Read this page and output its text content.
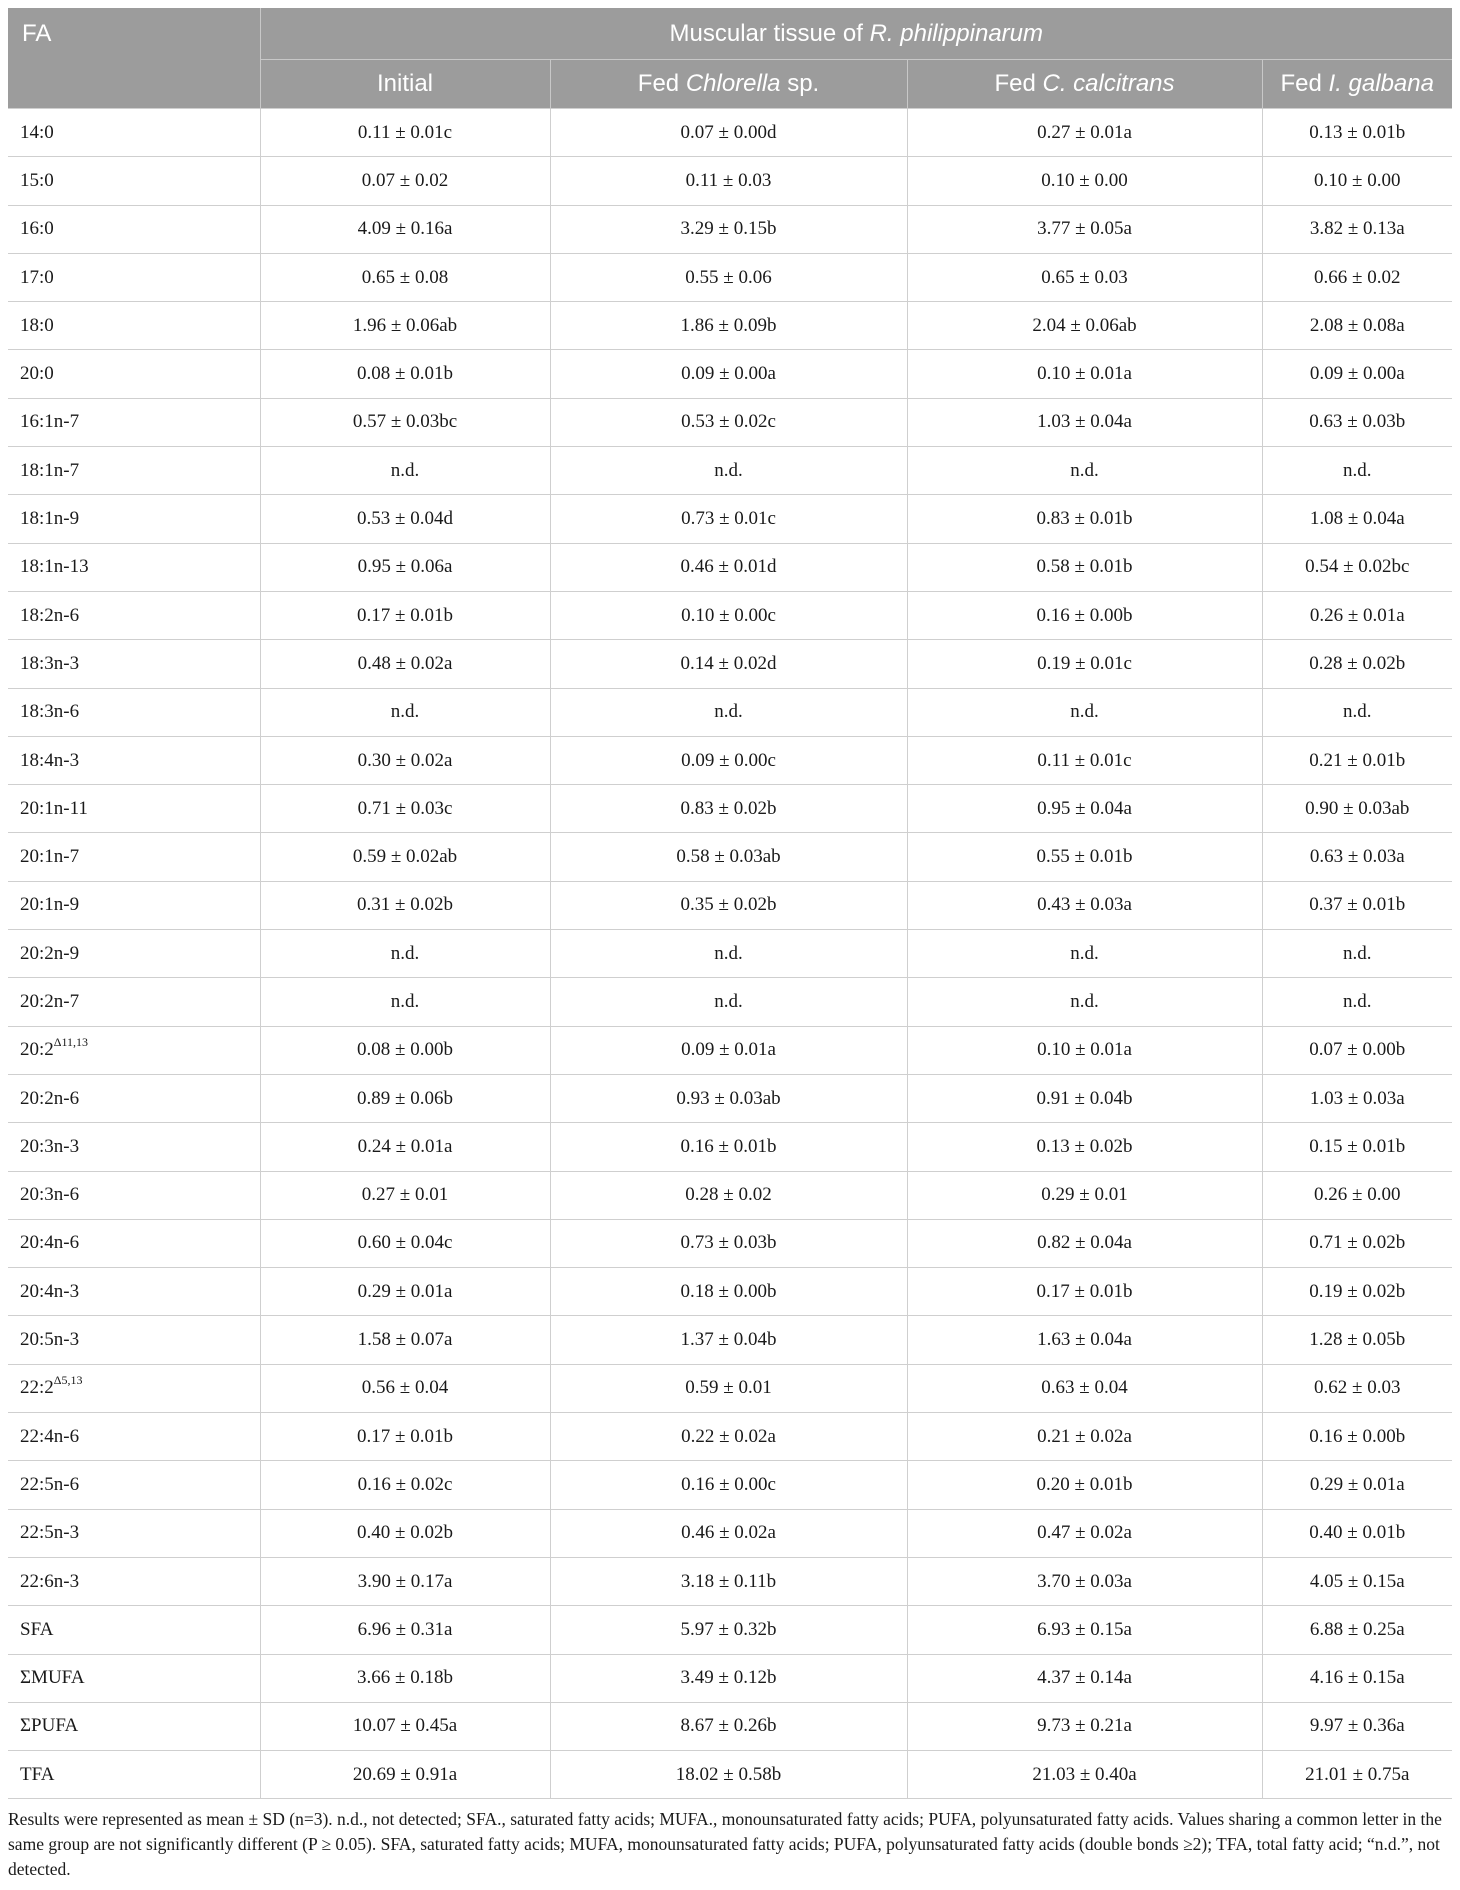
FA	Muscular tissue of R. philippinarum			
	Initial	Fed Chlorella sp.	Fed C. calcitrans	Fed I. galbana
14:0	0.11 ± 0.01c	0.07 ± 0.00d	0.27 ± 0.01a	0.13 ± 0.01b
15:0	0.07 ± 0.02	0.11 ± 0.03	0.10 ± 0.00	0.10 ± 0.00
16:0	4.09 ± 0.16a	3.29 ± 0.15b	3.77 ± 0.05a	3.82 ± 0.13a
17:0	0.65 ± 0.08	0.55 ± 0.06	0.65 ± 0.03	0.66 ± 0.02
18:0	1.96 ± 0.06ab	1.86 ± 0.09b	2.04 ± 0.06ab	2.08 ± 0.08a
20:0	0.08 ± 0.01b	0.09 ± 0.00a	0.10 ± 0.01a	0.09 ± 0.00a
16:1n-7	0.57 ± 0.03bc	0.53 ± 0.02c	1.03 ± 0.04a	0.63 ± 0.03b
18:1n-7	n.d.	n.d.	n.d.	n.d.
18:1n-9	0.53 ± 0.04d	0.73 ± 0.01c	0.83 ± 0.01b	1.08 ± 0.04a
18:1n-13	0.95 ± 0.06a	0.46 ± 0.01d	0.58 ± 0.01b	0.54 ± 0.02bc
18:2n-6	0.17 ± 0.01b	0.10 ± 0.00c	0.16 ± 0.00b	0.26 ± 0.01a
18:3n-3	0.48 ± 0.02a	0.14 ± 0.02d	0.19 ± 0.01c	0.28 ± 0.02b
18:3n-6	n.d.	n.d.	n.d.	n.d.
18:4n-3	0.30 ± 0.02a	0.09 ± 0.00c	0.11 ± 0.01c	0.21 ± 0.01b
20:1n-11	0.71 ± 0.03c	0.83 ± 0.02b	0.95 ± 0.04a	0.90 ± 0.03ab
20:1n-7	0.59 ± 0.02ab	0.58 ± 0.03ab	0.55 ± 0.01b	0.63 ± 0.03a
20:1n-9	0.31 ± 0.02b	0.35 ± 0.02b	0.43 ± 0.03a	0.37 ± 0.01b
20:2n-9	n.d.	n.d.	n.d.	n.d.
20:2n-7	n.d.	n.d.	n.d.	n.d.
$20:2^{\Delta 11,13}$	0.08 ± 0.00b	0.09 ± 0.01a	0.10 ± 0.01a	0.07 ± 0.00b
20:2n-6	0.89 ± 0.06b	0.93 ± 0.03ab	0.91 ± 0.04b	1.03 ± 0.03a
20:3n-3	0.24 ± 0.01a	0.16 ± 0.01b	0.13 ± 0.02b	0.15 ± 0.01b
20:3n-6	0.27 ± 0.01	0.28 ± 0.02	0.29 ± 0.01	0.26 ± 0.00
20:4n-6	0.60 ± 0.04c	0.73 ± 0.03b	0.82 ± 0.04a	0.71 ± 0.02b
20:4n-3	0.29 ± 0.01a	0.18 ± 0.00b	0.17 ± 0.01b	0.19 ± 0.02b
20:5n-3	1.58 ± 0.07a	1.37 ± 0.04b	1.63 ± 0.04a	1.28 ± 0.05b
$22:2^{\Delta 5,13}$	0.56 ± 0.04	0.59 ± 0.01	0.63 ± 0.04	0.62 ± 0.03
22:4n-6	0.17 ± 0.01b	0.22 ± 0.02a	0.21 ± 0.02a	0.16 ± 0.00b
22:5n-6	0.16 ± 0.02c	0.16 ± 0.00c	0.20 ± 0.01b	0.29 ± 0.01a
22:5n-3	0.40 ± 0.02b	0.46 ± 0.02a	0.47 ± 0.02a	0.40 ± 0.01b
22:6n-3	3.90 ± 0.17a	3.18 ± 0.11b	3.70 ± 0.03a	4.05 ± 0.15a
SFA	6.96 ± 0.31a	5.97 ± 0.32b	6.93 ± 0.15a	6.88 ± 0.25a
ΣMUFA	3.66 ± 0.18b	3.49 ± 0.12b	4.37 ± 0.14a	4.16 ± 0.15a
ΣPUFA	10.07 ± 0.45a	8.67 ± 0.26b	9.73 ± 0.21a	9.97 ± 0.36a
TFA	20.69 ± 0.91a	18.02 ± 0.58b	21.03 ± 0.40a	21.01 ± 0.75a
Results were represented as mean ± SD (n=3). n.d., not detected; SFA., saturated fatty acids; MUFA., monounsaturated fatty acids; PUFA, polyunsaturated fatty acids. Values sharing a common letter in the same group are not significantly different (P ≥ 0.05). SFA, saturated fatty acids; MUFA, monounsaturated fatty acids; PUFA, polyunsaturated fatty acids (double bonds ≥2); TFA, total fatty acid; “n.d.”, not detected.
